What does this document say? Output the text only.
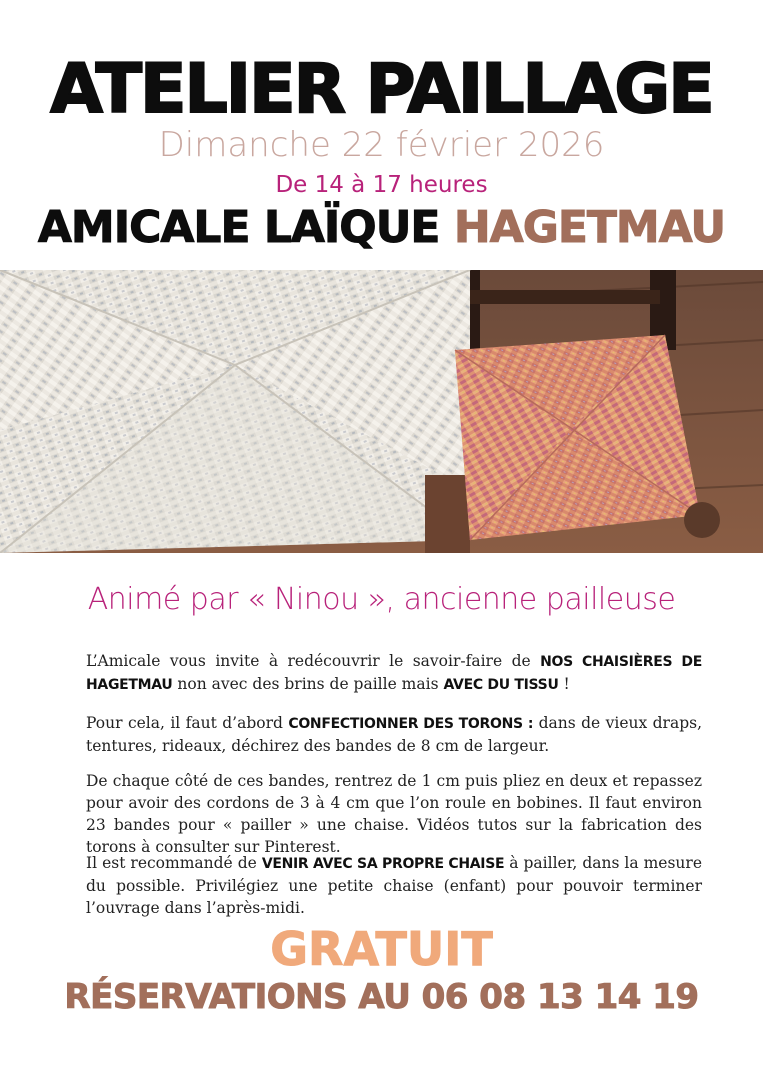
ATELIER PAILLAGE
Dimanche 22 février 2026
De 14 à 17 heures
AMICALE LAÏQUE HAGETMAU
Animé par « Ninou », ancienne pailleuse
L’Amicale vous invite à redécouvrir le savoir-faire de NOS CHAISIÈRES DE HAGETMAU non avec des brins de paille mais AVEC DU TISSU !
Pour cela, il faut d’abord CONFECTIONNER DES TORONS : dans de vieux draps, tentures, rideaux, déchirez des bandes de 8 cm de largeur.
De chaque côté de ces bandes, rentrez de 1 cm puis pliez en deux et repassez pour avoir des cordons de 3 à 4 cm que l’on roule en bobines. Il faut environ 23 bandes pour « pailler » une chaise. Vidéos tutos sur la fabrication des torons à consulter sur Pinterest.
Il est recommandé de VENIR AVEC SA PROPRE CHAISE à pailler, dans la mesure du possible. Privilégiez une petite chaise (enfant) pour pouvoir terminer l’ouvrage dans l’après-midi.
GRATUIT
RÉSERVATIONS AU 06 08 13 14 19
